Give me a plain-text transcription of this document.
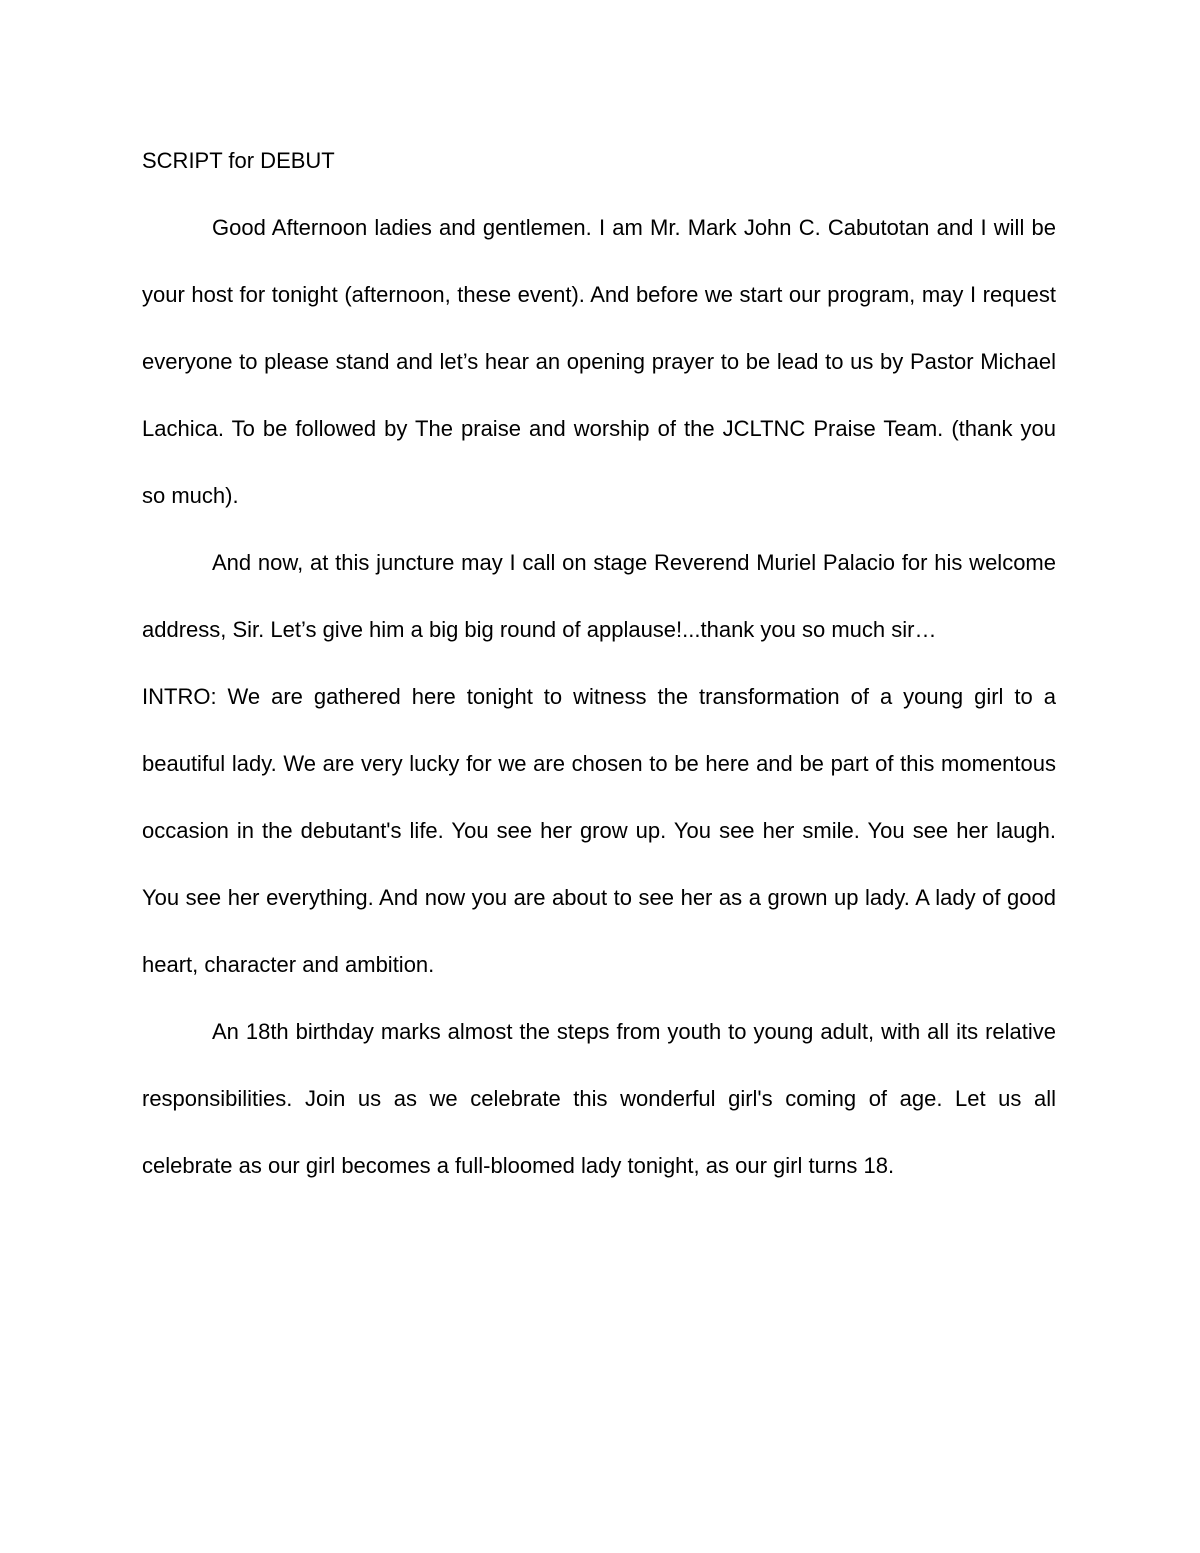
SCRIPT for DEBUT

Good Afternoon ladies and gentlemen. I am Mr. Mark John C. Cabutotan and I will be your host for tonight (afternoon, these event). And before we start our program, may I request everyone to please stand and let’s hear an opening prayer to be lead to us by Pastor Michael Lachica. To be followed by The praise and worship of the JCLTNC Praise Team. (thank you so much).

And now, at this juncture may I call on stage Reverend Muriel Palacio for his welcome address, Sir. Let’s give him a big big round of applause!...thank you so much sir…

INTRO: We are gathered here tonight to witness the transformation of a young girl to a beautiful lady. We are very lucky for we are chosen to be here and be part of this momentous occasion in the debutant's life. You see her grow up. You see her smile. You see her laugh. You see her everything. And now you are about to see her as a grown up lady. A lady of good heart, character and ambition.

An 18th birthday marks almost the steps from youth to young adult, with all its relative responsibilities. Join us as we celebrate this wonderful girl's coming of age. Let us all celebrate as our girl becomes a full-bloomed lady tonight, as our girl turns 18.
